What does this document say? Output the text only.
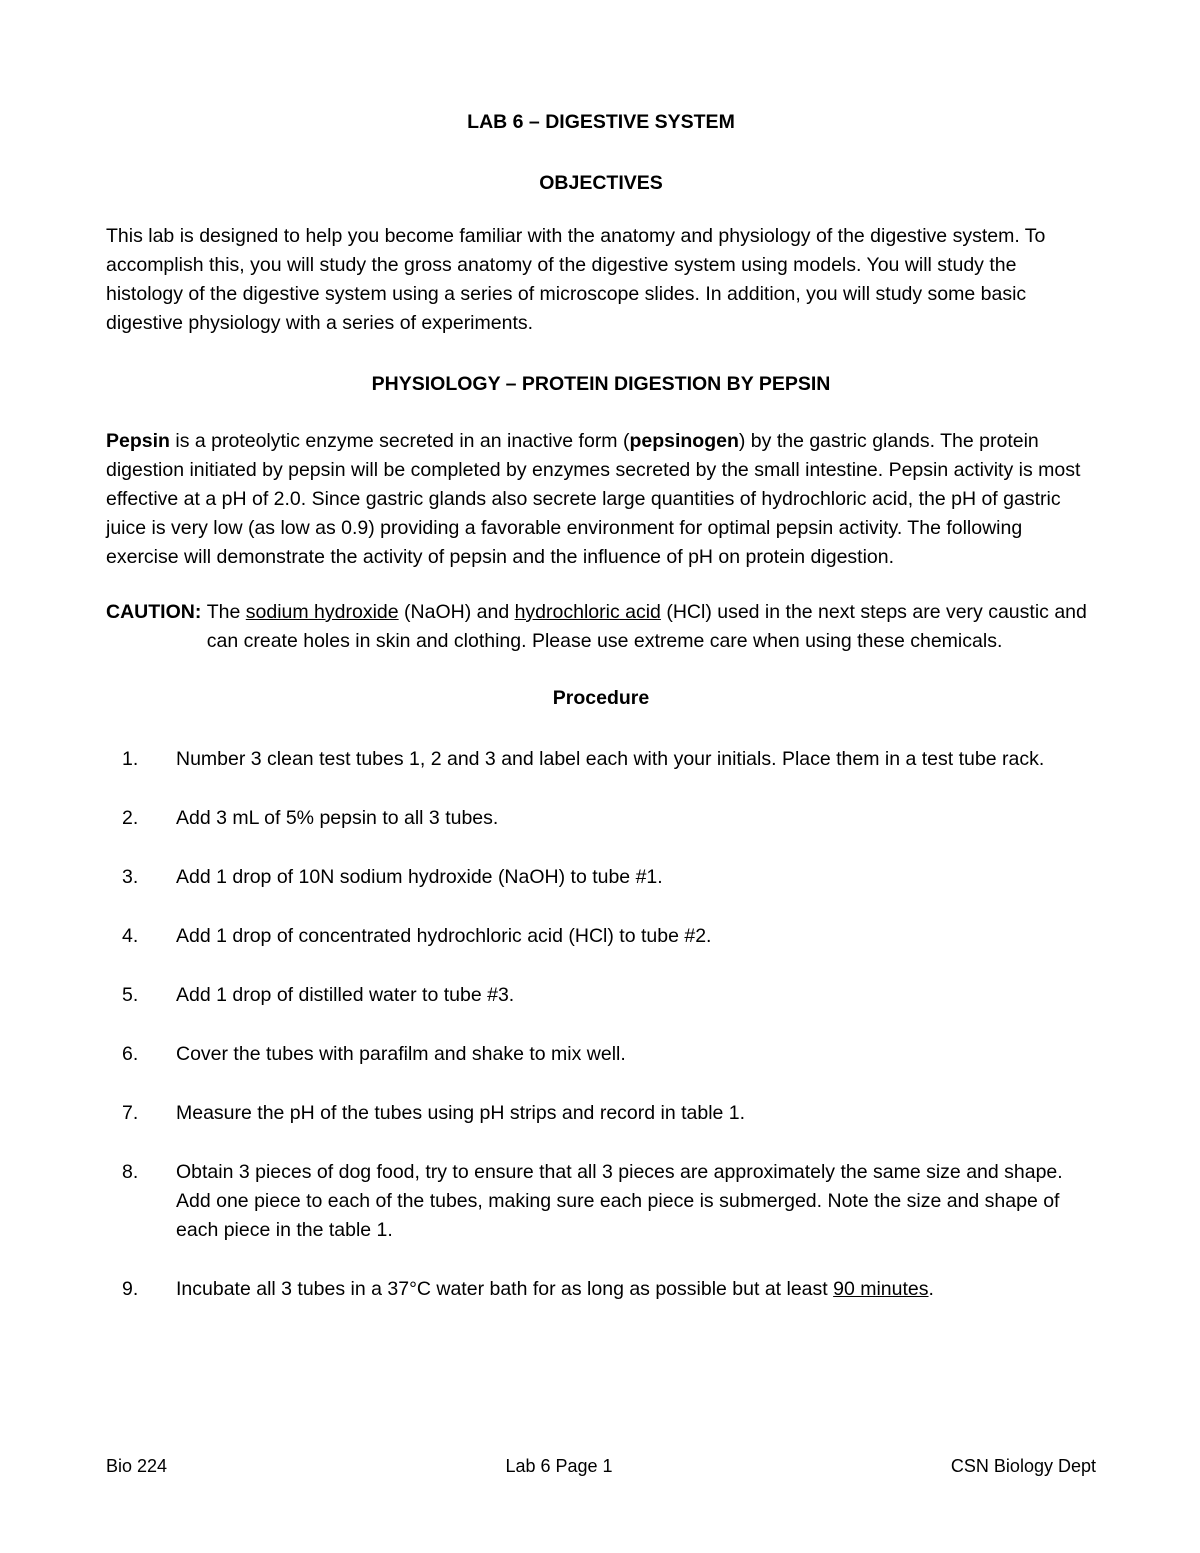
LAB 6 – DIGESTIVE SYSTEM

OBJECTIVES

This lab is designed to help you become familiar with the anatomy and physiology of the digestive system. To accomplish this, you will study the gross anatomy of the digestive system using models. You will study the histology of the digestive system using a series of microscope slides. In addition, you will study some basic digestive physiology with a series of experiments.

PHYSIOLOGY – PROTEIN DIGESTION BY PEPSIN

Pepsin is a proteolytic enzyme secreted in an inactive form (pepsinogen) by the gastric glands. The protein digestion initiated by pepsin will be completed by enzymes secreted by the small intestine. Pepsin activity is most effective at a pH of 2.0. Since gastric glands also secrete large quantities of hydrochloric acid, the pH of gastric juice is very low (as low as 0.9) providing a favorable environment for optimal pepsin activity. The following exercise will demonstrate the activity of pepsin and the influence of pH on protein digestion.

CAUTION: The sodium hydroxide (NaOH) and hydrochloric acid (HCl) used in the next steps are very caustic and can create holes in skin and clothing. Please use extreme care when using these chemicals.

Procedure

1.	Number 3 clean test tubes 1, 2 and 3 and label each with your initials. Place them in a test tube rack.
2.	Add 3 mL of 5% pepsin to all 3 tubes.
3.	Add 1 drop of 10N sodium hydroxide (NaOH) to tube #1.
4.	Add 1 drop of concentrated hydrochloric acid (HCl) to tube #2.
5.	Add 1 drop of distilled water to tube #3.
6.	Cover the tubes with parafilm and shake to mix well.
7.	Measure the pH of the tubes using pH strips and record in table 1.
8.	Obtain 3 pieces of dog food, try to ensure that all 3 pieces are approximately the same size and shape. Add one piece to each of the tubes, making sure each piece is submerged. Note the size and shape of each piece in the table 1.
9.	Incubate all 3 tubes in a 37°C water bath for as long as possible but at least 90 minutes.
Bio 224	Lab 6 Page 1	CSN Biology Dept
